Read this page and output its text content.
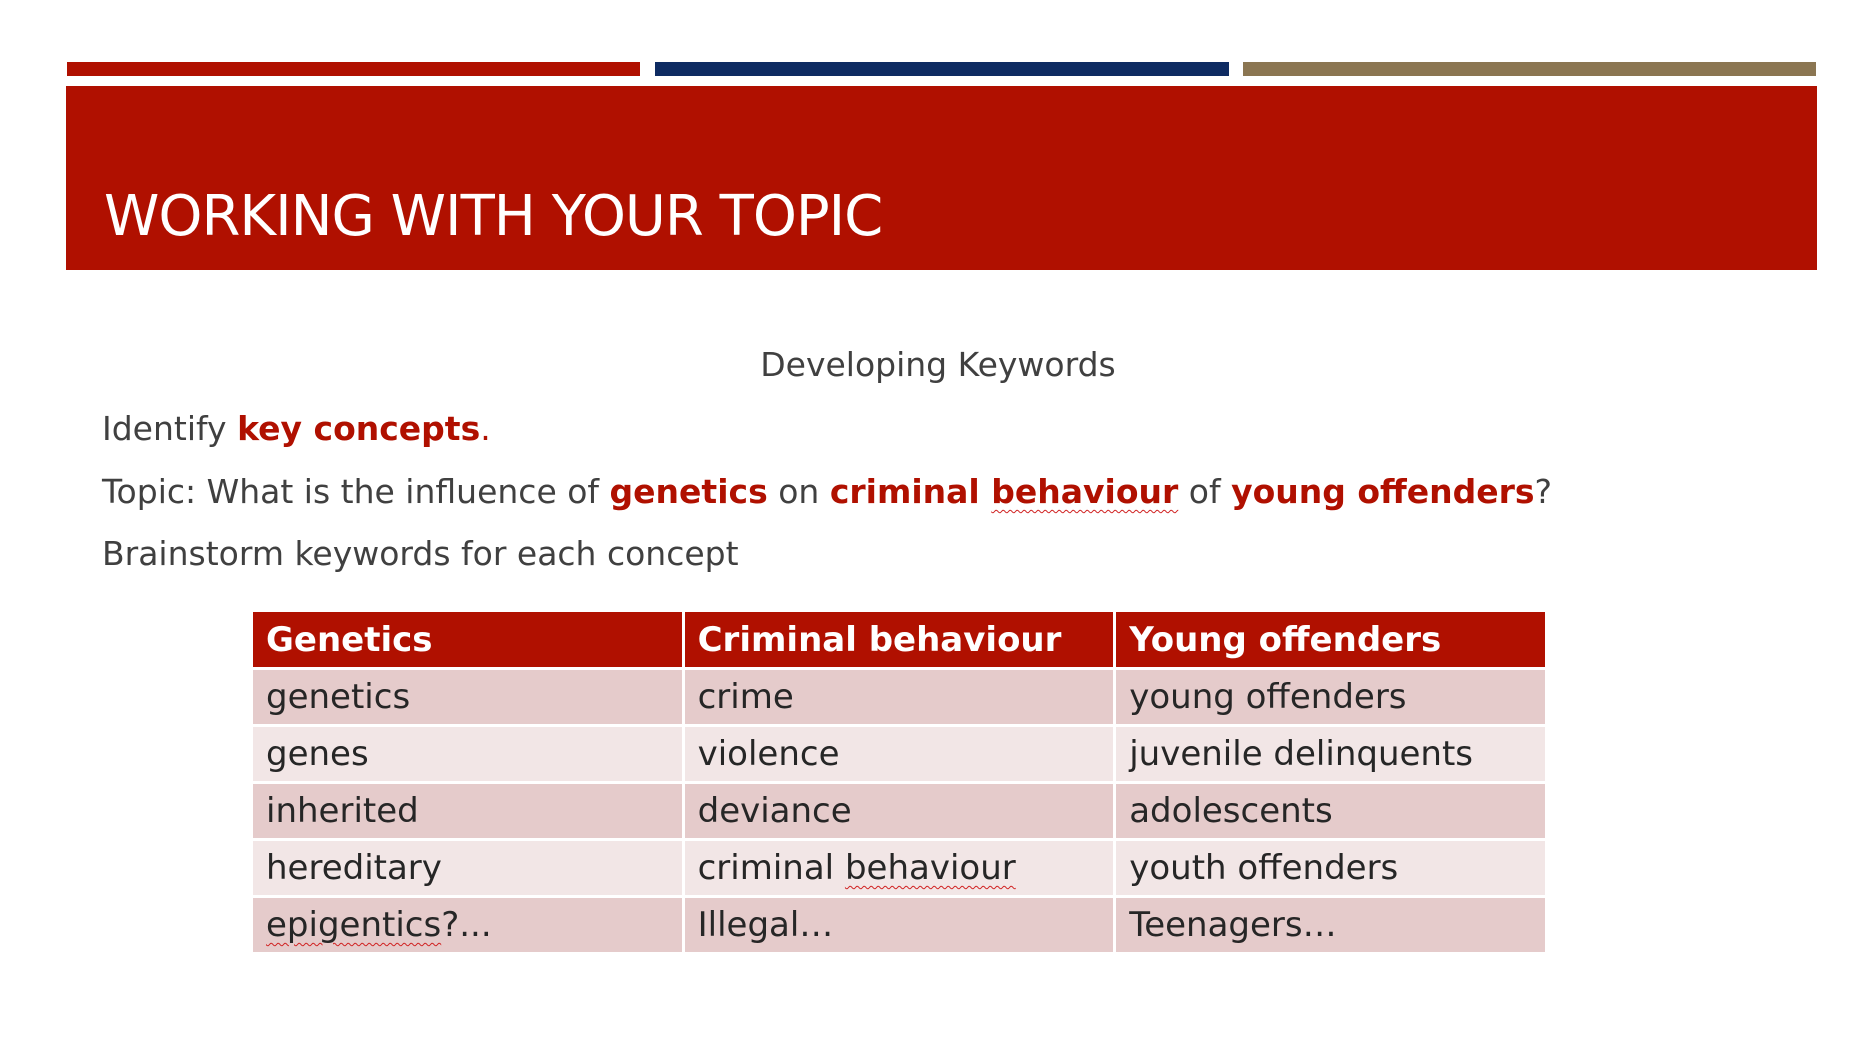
WORKING WITH YOUR TOPIC
Developing Keywords
Identify key concepts.
Topic: What is the influence of genetics on criminal behaviour of young offenders?
Brainstorm keywords for each concept
Genetics	Criminal behaviour	Young offenders
genetics	crime	young offenders
genes	violence	juvenile delinquents
inherited	deviance	adolescents
hereditary	criminal behaviour	youth offenders
epigentics?...	Illegal…	Teenagers…
